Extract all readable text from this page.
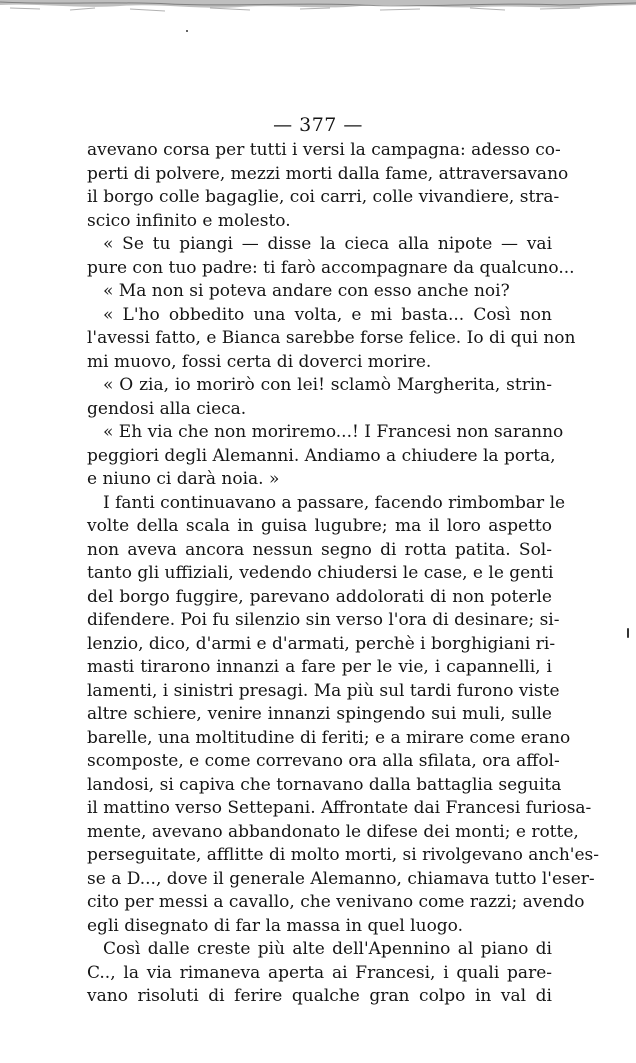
— 377 —
avevano corsa per tutti i versi la campagna: adesso co-
perti di polvere, mezzi morti dalla fame, attraversavano
il borgo colle bagaglie, coi carri, colle vivandiere, stra-
scico infinito e molesto.
« Se tu piangi — disse la cieca alla nipote — vai
pure con tuo padre: ti farò accompagnare da qualcuno...
« Ma non si poteva andare con esso anche noi?
« L'ho obbedito una volta, e mi basta... Così non
l'avessi fatto, e Bianca sarebbe forse felice. Io di qui non
mi muovo, fossi certa di doverci morire.
« O zia, io morirò con lei! sclamò Margherita, strin-
gendosi alla cieca.
« Eh via che non moriremo...! I Francesi non saranno
peggiori degli Alemanni. Andiamo a chiudere la porta,
e niuno ci darà noia. »
I fanti continuavano a passare, facendo rimbombar le
volte della scala in guisa lugubre; ma il loro aspetto
non aveva ancora nessun segno di rotta patita. Sol-
tanto gli uffiziali, vedendo chiudersi le case, e le genti
del borgo fuggire, parevano addolorati di non poterle
difendere. Poi fu silenzio sin verso l'ora di desinare; si-
lenzio, dico, d'armi e d'armati, perchè i borghigiani ri-
masti tirarono innanzi a fare per le vie, i capannelli, i
lamenti, i sinistri presagi. Ma più sul tardi furono viste
altre schiere, venire innanzi spingendo sui muli, sulle
barelle, una moltitudine di feriti; e a mirare come erano
scomposte, e come correvano ora alla sfilata, ora affol-
landosi, si capiva che tornavano dalla battaglia seguita
il mattino verso Settepani. Affrontate dai Francesi furiosa-
mente, avevano abbandonato le difese dei monti; e rotte,
perseguitate, afflitte di molto morti, si rivolgevano anch'es-
se a D..., dove il generale Alemanno, chiamava tutto l'eser-
cito per messi a cavallo, che venivano come razzi; avendo
egli disegnato di far la massa in quel luogo.
Così dalle creste più alte dell'Apennino al piano di
C.., la via rimaneva aperta ai Francesi, i quali pare-
vano risoluti di ferire qualche gran colpo in val di
